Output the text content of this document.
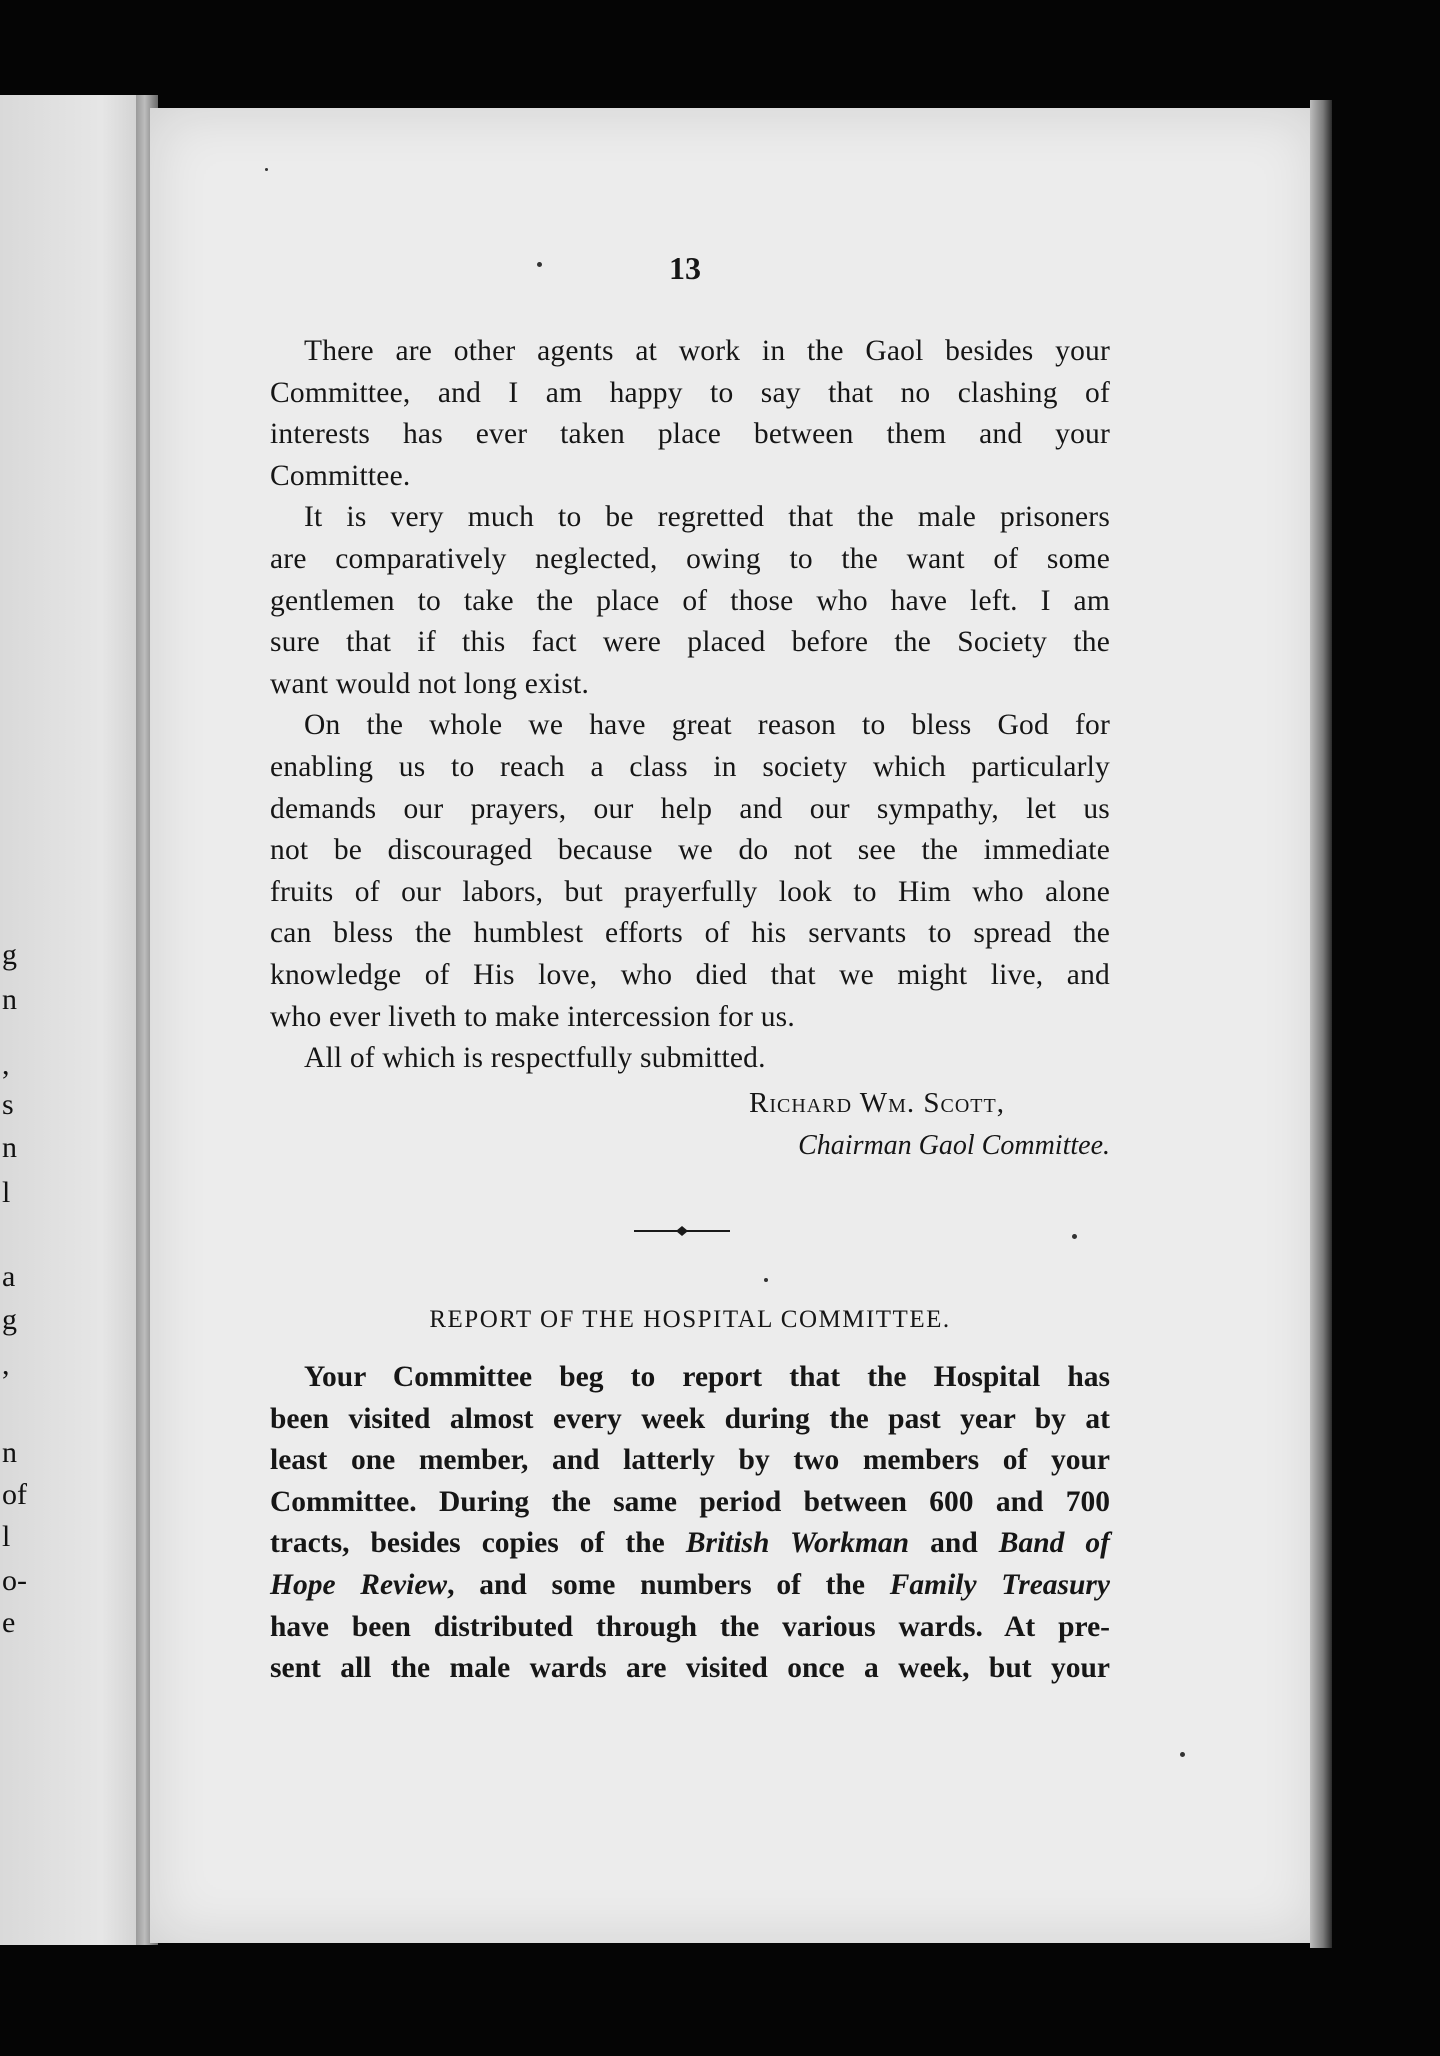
g
n
,
s
n
l
a
g
,
n
of
l
o-
e
13
There are other agents at work in the Gaol besides your
Committee, and I am happy to say that no clashing of
interests has ever taken place between them and your
Committee.
It is very much to be regretted that the male prisoners
are comparatively neglected, owing to the want of some
gentlemen to take the place of those who have left. I am
sure that if this fact were placed before the Society the
want would not long exist.
On the whole we have great reason to bless God for
enabling us to reach a class in society which particularly
demands our prayers, our help and our sympathy, let us
not be discouraged because we do not see the immediate
fruits of our labors, but prayerfully look to Him who alone
can bless the humblest efforts of his servants to spread the
knowledge of His love, who died that we might live, and
who ever liveth to make intercession for us.
All of which is respectfully submitted.
Richard Wm. Scott,
Chairman Gaol Committee.
REPORT OF THE HOSPITAL COMMITTEE.
Your Committee beg to report that the Hospital has
been visited almost every week during the past year by at
least one member, and latterly by two members of your
Committee. During the same period between 600 and 700
tracts, besides copies of the British Workman and Band of
Hope Review, and some numbers of the Family Treasury
have been distributed through the various wards. At pre-
sent all the male wards are visited once a week, but your
